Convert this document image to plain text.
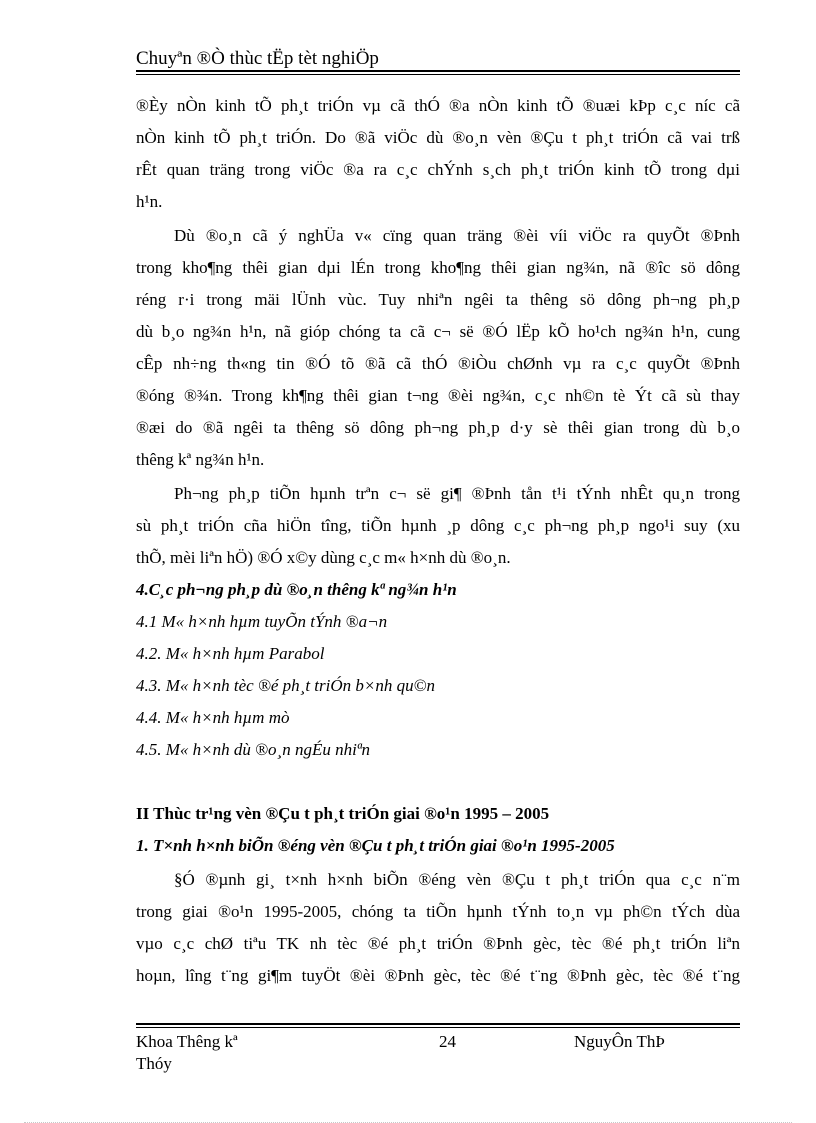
Chuyªn ®Ò thùc tËp tèt nghiÖp
®Èy nÒn kinh tÕ ph¸t triÓn vµ cã thÓ ®a nÒn kinh tÕ ®uæi kÞp c¸c níc cã
nÒn kinh tÕ ph¸t triÓn. Do ®ã viÖc dù ®o¸n vèn ®Çu t ph¸t triÓn cã vai trß
rÊt quan träng trong viÖc ®a ra c¸c chÝnh s¸ch ph¸t triÓn kinh tÕ trong dµi
h¹n.
Dù ®o¸n cã ý nghÜa v« cïng quan träng ®èi víi viÖc ra quyÕt ®Þnh
trong kho¶ng thêi gian dµi lÉn trong kho¶ng thêi gian ng¾n, nã ®îc sö dông
réng r·i trong mäi lÜnh vùc. Tuy nhiªn ngêi ta thêng sö dông ph¬ng ph¸p
dù b¸o ng¾n h¹n, nã gióp chóng ta cã c¬ së ®Ó lËp kÕ ho¹ch ng¾n h¹n, cung
cÊp nh÷ng th«ng tin ®Ó tõ ®ã cã thÓ ®iÒu chØnh vµ ra c¸c quyÕt ®Þnh
®óng ®¾n. Trong kh¶ng thêi gian t¬ng ®èi ng¾n, c¸c nh©n tè Ýt cã sù thay
®æi do ®ã ngêi ta thêng sö dông ph¬ng ph¸p d·y sè thêi gian trong dù b¸o
thêng kª ng¾n h¹n.
Ph¬ng ph¸p tiÕn hµnh trªn c¬ së gi¶ ®Þnh tån t¹i tÝnh nhÊt qu¸n trong
sù ph¸t triÓn cña hiÖn tîng, tiÕn hµnh ¸p dông c¸c ph¬ng ph¸p ngo¹i suy (xu
thÕ, mèi liªn hÖ) ®Ó x©y dùng c¸c m« h×nh dù ®o¸n.
4.C¸c ph¬ng ph¸p dù ®o¸n thêng kª ng¾n h¹n
4.1 M« h×nh hµm tuyÕn tÝnh ®a¬n
4.2. M« h×nh hµm Parabol
4.3. M« h×nh tèc ®é ph¸t triÓn b×nh qu©n
4.4. M« h×nh hµm mò
4.5. M« h×nh dù ®o¸n ngÉu nhiªn
II Thùc tr¹ng vèn ®Çu t ph¸t triÓn giai ®o¹n 1995 – 2005
1. T×nh h×nh biÕn ®éng vèn ®Çu t ph¸t triÓn giai ®o¹n 1995-2005
§Ó ®µnh gi¸ t×nh h×nh biÕn ®éng vèn ®Çu t ph¸t triÓn qua c¸c n¨m
trong giai ®o¹n 1995-2005, chóng ta tiÕn hµnh tÝnh to¸n vµ ph©n tÝch dùa
vµo c¸c chØ tiªu TK nh tèc ®é ph¸t triÓn ®Þnh gèc, tèc ®é ph¸t triÓn liªn
hoµn, lîng t¨ng gi¶m tuyÖt ®èi ®Þnh gèc, tèc ®é t¨ng ®Þnh gèc, tèc ®é t¨ng
Khoa Thêng kª
Thóy
24	NguyÔn ThÞ
